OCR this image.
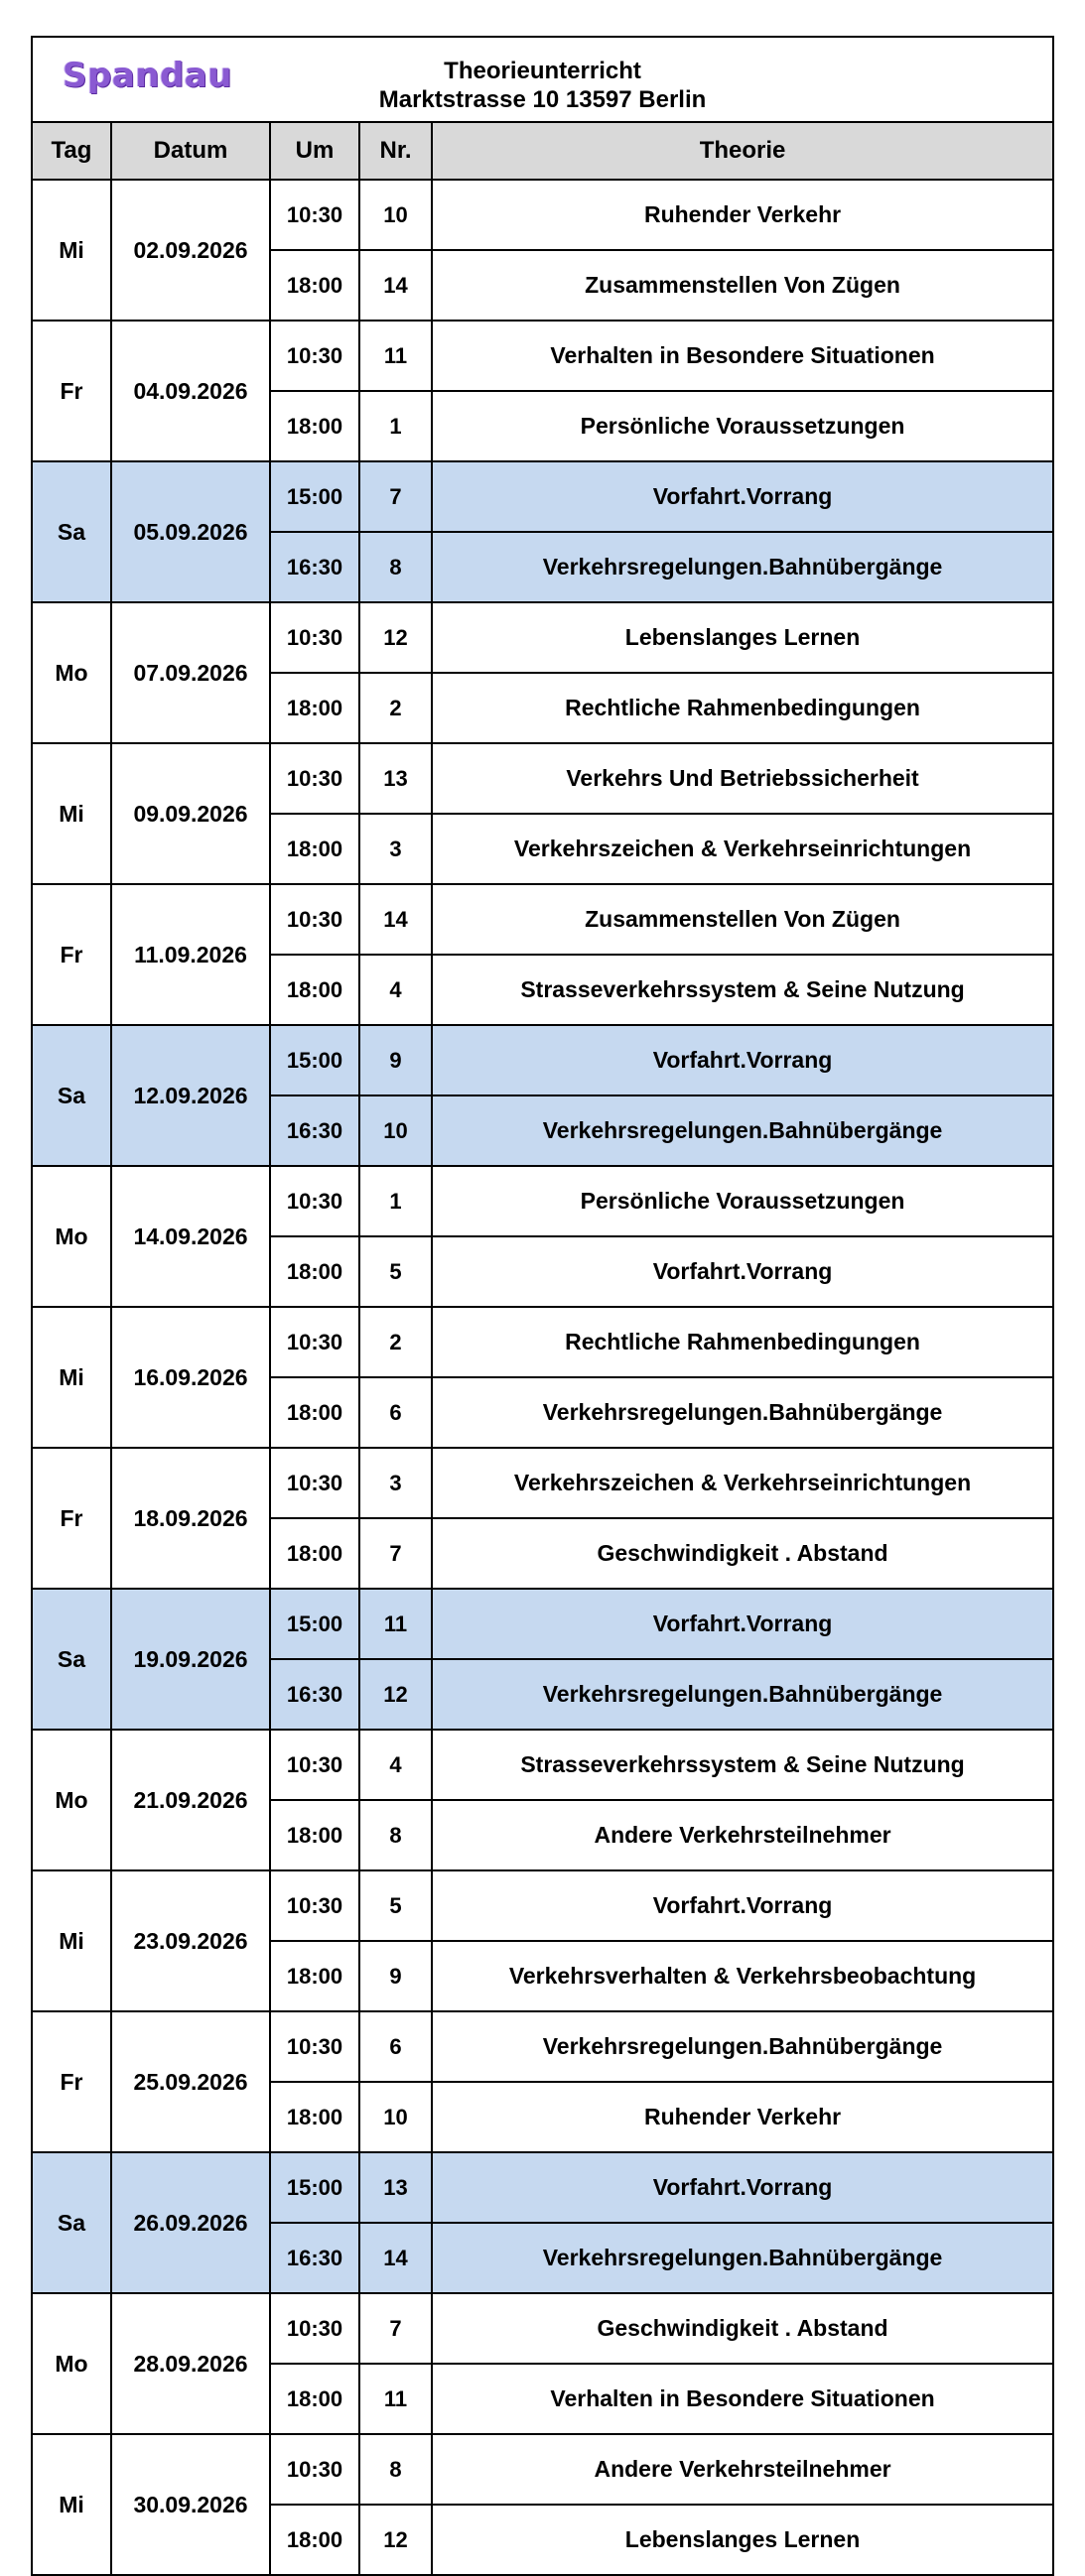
Spandau Theorieunterricht
Marktstrasse 10 13597 Berlin				

Tag	Datum	Um	Nr.	Theorie
Mi	02.09.2026	10:30	10	Ruhender Verkehr
		18:00	14	Zusammenstellen Von Zügen
Fr	04.09.2026	10:30	11	Verhalten in Besondere Situationen
		18:00	1	Persönliche Voraussetzungen
Sa	05.09.2026	15:00	7	Vorfahrt.Vorrang
		16:30	8	Verkehrsregelungen.Bahnübergänge
Mo	07.09.2026	10:30	12	Lebenslanges Lernen
		18:00	2	Rechtliche Rahmenbedingungen
Mi	09.09.2026	10:30	13	Verkehrs Und Betriebssicherheit
		18:00	3	Verkehrszeichen & Verkehrseinrichtungen
Fr	11.09.2026	10:30	14	Zusammenstellen Von Zügen
		18:00	4	Strasseverkehrssystem & Seine Nutzung
Sa	12.09.2026	15:00	9	Vorfahrt.Vorrang
		16:30	10	Verkehrsregelungen.Bahnübergänge
Mo	14.09.2026	10:30	1	Persönliche Voraussetzungen
		18:00	5	Vorfahrt.Vorrang
Mi	16.09.2026	10:30	2	Rechtliche Rahmenbedingungen
		18:00	6	Verkehrsregelungen.Bahnübergänge
Fr	18.09.2026	10:30	3	Verkehrszeichen & Verkehrseinrichtungen
		18:00	7	Geschwindigkeit . Abstand
Sa	19.09.2026	15:00	11	Vorfahrt.Vorrang
		16:30	12	Verkehrsregelungen.Bahnübergänge
Mo	21.09.2026	10:30	4	Strasseverkehrssystem & Seine Nutzung
		18:00	8	Andere Verkehrsteilnehmer
Mi	23.09.2026	10:30	5	Vorfahrt.Vorrang
		18:00	9	Verkehrsverhalten & Verkehrsbeobachtung
Fr	25.09.2026	10:30	6	Verkehrsregelungen.Bahnübergänge
		18:00	10	Ruhender Verkehr
Sa	26.09.2026	15:00	13	Vorfahrt.Vorrang
		16:30	14	Verkehrsregelungen.Bahnübergänge
Mo	28.09.2026	10:30	7	Geschwindigkeit . Abstand
		18:00	11	Verhalten in Besondere Situationen
Mi	30.09.2026	10:30	8	Andere Verkehrsteilnehmer
		18:00	12	Lebenslanges Lernen
